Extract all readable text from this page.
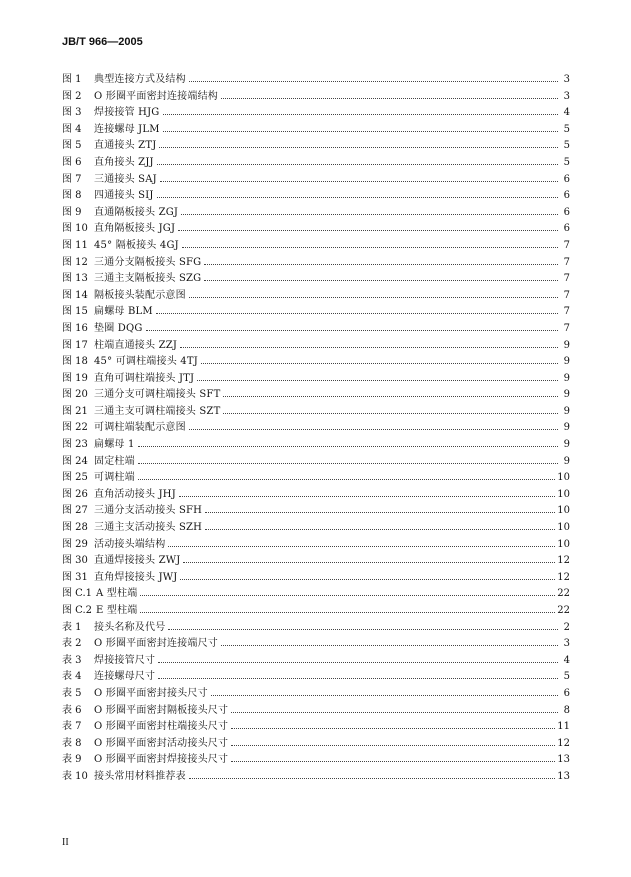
JB/T 966—2005
图 1	典型连接方式及结构	3
图 2	O 形圈平面密封连接端结构	3
图 3	焊接接管 HJG	4
图 4	连接螺母 JLM	5
图 5	直通接头 ZTJ	5
图 6	直角接头 ZJJ	5
图 7	三通接头 SAJ	6
图 8	四通接头 SIJ	6
图 9	直通隔板接头 ZGJ	6
图 10 直角隔板接头 JGJ	6
图 11 45° 隔板接头 4GJ	7
图 12 三通分支隔板接头 SFG	7
图 13 三通主支隔板接头 SZG	7
图 14 隔板接头装配示意图	7
图 15 扁螺母 BLM	7
图 16 垫圈 DQG	7
图 17 柱端直通接头 ZZJ	9
图 18 45° 可调柱端接头 4TJ	9
图 19 直角可调柱端接头 JTJ	9
图 20 三通分支可调柱端接头 SFT	9
图 21 三通主支可调柱端接头 SZT	9
图 22 可调柱端装配示意图	9
图 23 扁螺母 1	9
图 24 固定柱端	9
图 25 可调柱端	10
图 26 直角活动接头 JHJ	10
图 27 三通分支活动接头 SFH	10
图 28 三通主支活动接头 SZH	10
图 29 活动接头端结构	10
图 30 直通焊接接头 ZWJ	12
图 31 直角焊接接头 JWJ	12
图 C.1 A 型柱端	22
图 C.2 E 型柱端	22
表 1	接头名称及代号	2
表 2	O 形圈平面密封连接端尺寸	3
表 3	焊接接管尺寸	4
表 4	连接螺母尺寸	5
表 5	O 形圈平面密封接头尺寸	6
表 6	O 形圈平面密封隔板接头尺寸	8
表 7	O 形圈平面密封柱端接头尺寸	11
表 8	O 形圈平面密封活动接头尺寸	12
表 9	O 形圈平面密封焊接接头尺寸	13
表 10 接头常用材料推荐表	13
II
